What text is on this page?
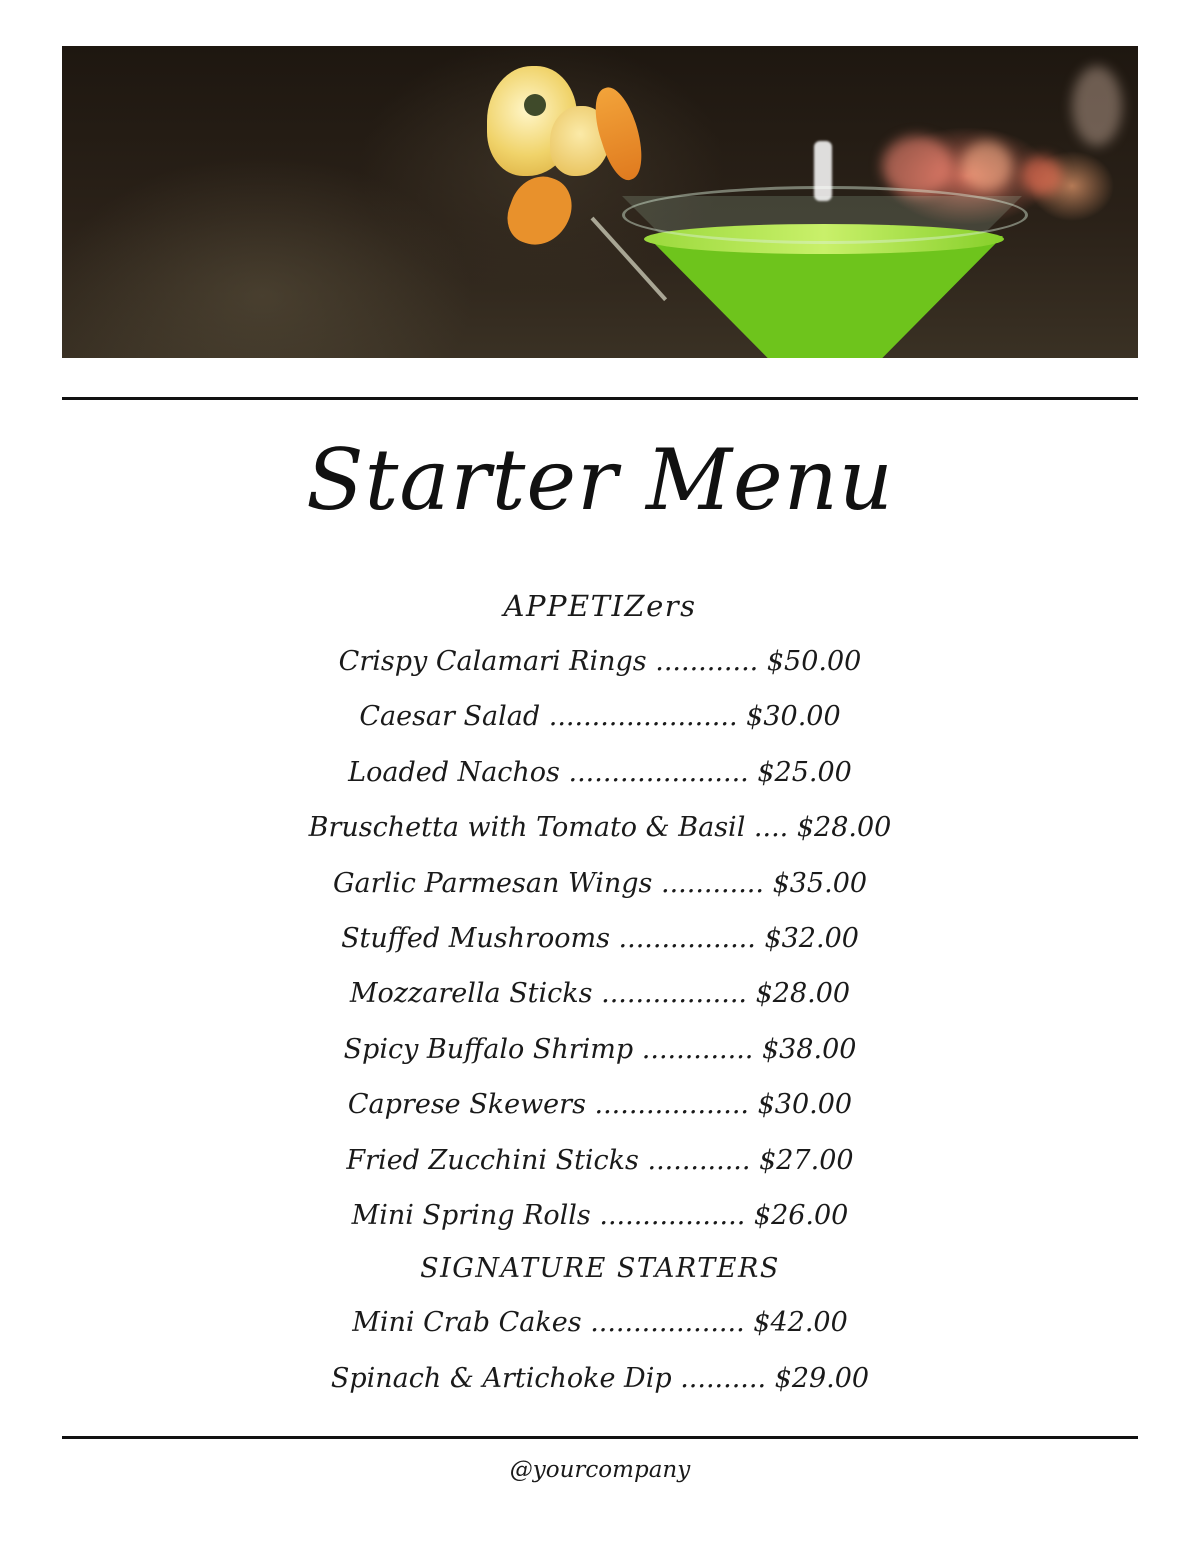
Starter Menu
APPETIZers
Crispy Calamari Rings ............ $50.00
Caesar Salad ...................... $30.00
Loaded Nachos ..................... $25.00
Bruschetta with Tomato & Basil .... $28.00
Garlic Parmesan Wings ............ $35.00
Stuffed Mushrooms ................ $32.00
Mozzarella Sticks ................. $28.00
Spicy Buffalo Shrimp ............. $38.00
Caprese Skewers .................. $30.00
Fried Zucchini Sticks ............ $27.00
Mini Spring Rolls ................. $26.00
SIGNATURE STARTERS
Mini Crab Cakes .................. $42.00
Spinach & Artichoke Dip .......... $29.00
@yourcompany
